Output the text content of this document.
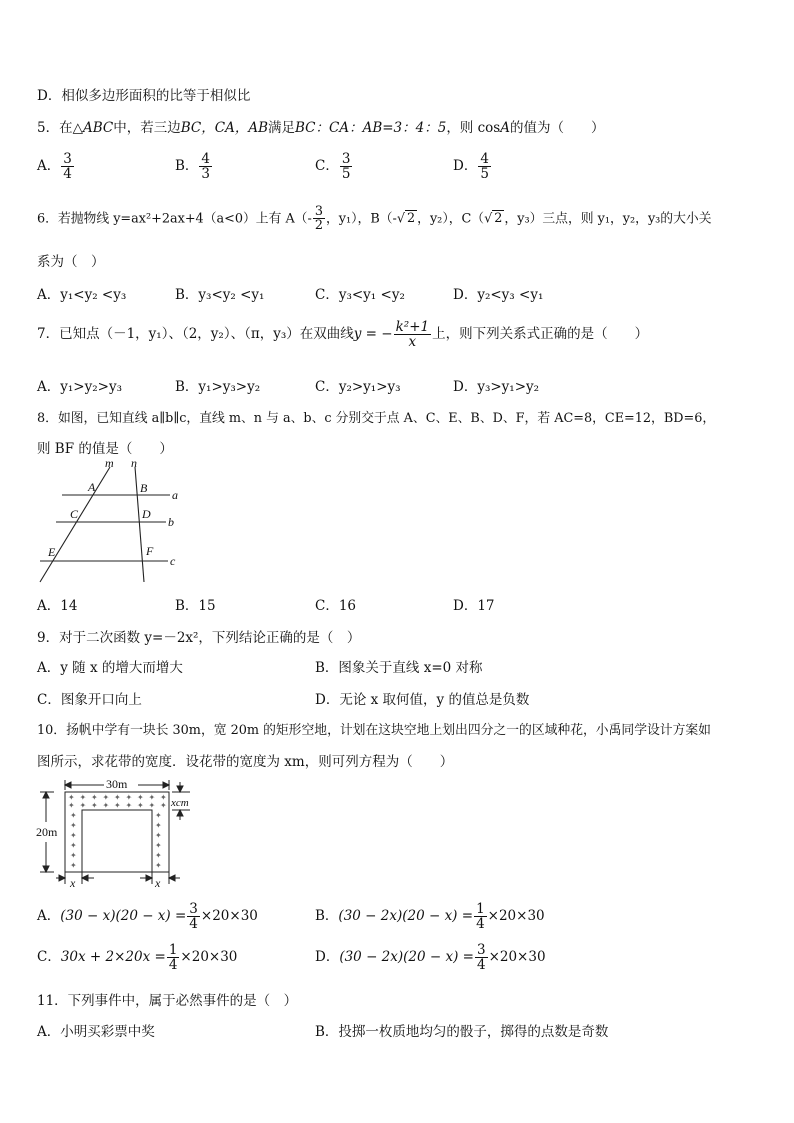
D．相似多边形面积的比等于相似比
5．在△ABC中，若三边BC，CA，AB满足BC：CA：AB=3：4：5，则 cosA的值为（　　）
A． $\frac{3}{4}$	B． $\frac{4}{3}$	C． $\frac{3}{5}$	D． $\frac{4}{5}$
6．若抛物线 y=ax²+2ax+4（a<0）上有 $A(- \frac{3}{2}$ ，y₁），B（-√ 2 ，y₂），C（√ 2 ，y₃）三点，则 y₁，y₂，y₃的大小关
系为（　）
A．y₁<y₂ <y₃	B．y₃<y₂ <y₁	C．y₃<y₁ <y₂	D．y₂<y₃ <y₁
7．已知点（－1，y₁）、（2，y₂）、（π，y₃）在双曲线y = − $\frac{\text{k²+1}}{x}$ 上，则下列关系式正确的是（　　）
A．y₁>y₂>y₃	B．y₁>y₃>y₂	C．y₂>y₁>y₃	D．y₃>y₁>y₂
8．如图，已知直线 a∥b∥c，直线 m、n 与 a、b、c 分别交于点 A、C、E、B、D、F，若 AC=8，CE=12，BD=6，
则 BF 的值是（　　）
m n
A	B
C	D
E	F
a
b
c
A．14	B．15	C．16	D．17
9．对于二次函数 y=－2x²，下列结论正确的是（　）
A．y 随 x 的增大而增大	B．图象关于直线 x=0 对称
C．图象开口向上	D．无论 x 取何值，y 的值总是负数
10．扬帆中学有一块长 30m，宽 20m 的矩形空地，计划在这块空地上划出四分之一的区域种花，小禹同学设计方案如
图所示，求花带的宽度．设花带的宽度为 xm，则可列方程为（　　）
✦
✦
✦
✦
✦
✦
✦
✦
✦
✦
✦
✦
✦
✦
✦
✦
✦
✦
✦	✦
✦	✦
✦	✦
✦	✦
✦	✦
✦	✦
30m
xcm
20m
x	x
A．$(30 - x)(20 - x) = \frac{3}{4} \times 20\times 30$	B．$(30 - 2x)(20 - x) = \frac{1}{4} \times 20\times 30$
C．$30x + 2\times 20x = \frac{1}{4} \times 20\times 30$	D．$(30 - 2x)(20 - x) = \frac{3}{4} \times 20\times 30$
11．下列事件中，属于必然事件的是（　）
A．小明买彩票中奖	B．投掷一枚质地均匀的骰子，掷得的点数是奇数
